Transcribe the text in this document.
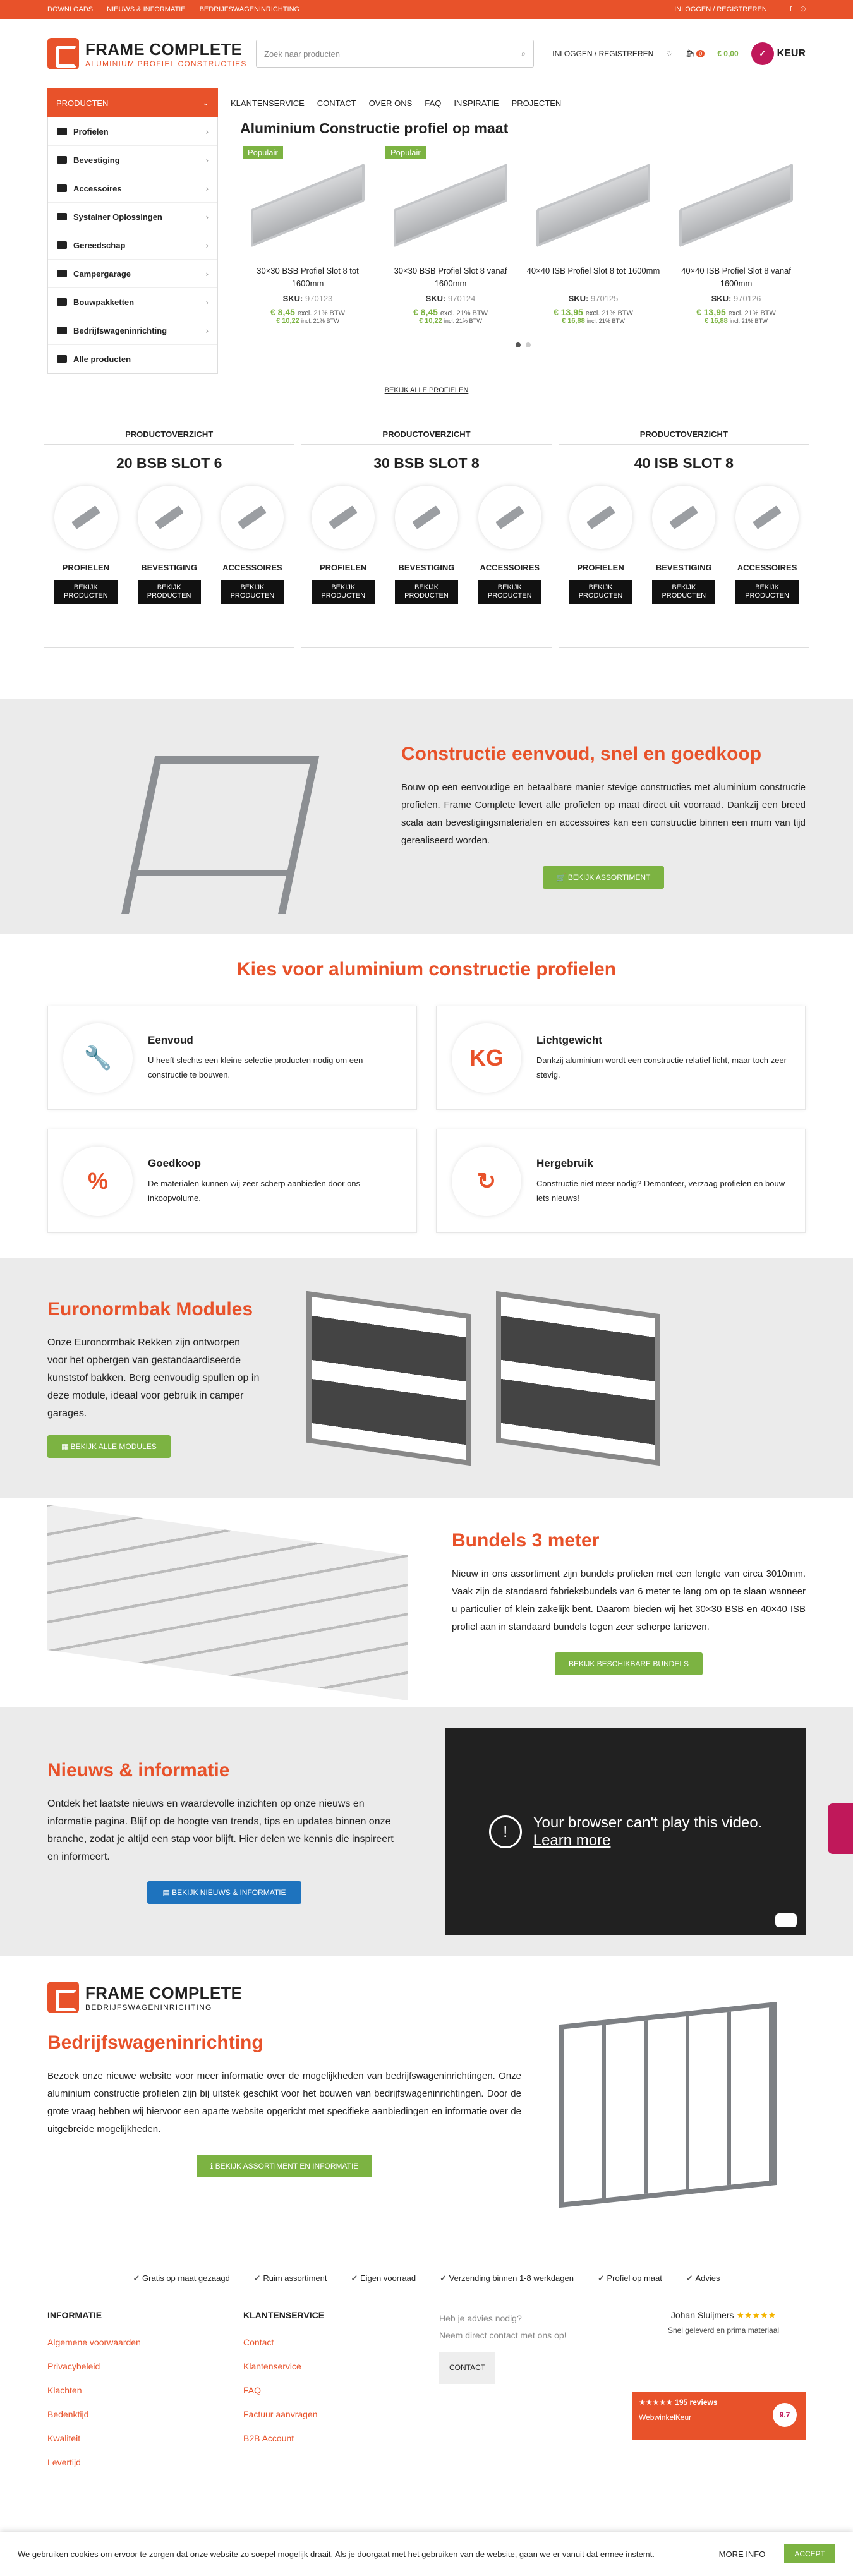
DOWNLOADS NIEUWS & INFORMATIE BEDRIJFSWAGENINRICHTING	INLOGGEN / REGISTREREN	f ℗
FRAME COMPLETE
ALUMINIUM PROFIEL CONSTRUCTIES
Zoek naar producten	⌕	INLOGGEN / REGISTREREN ♡ 🛍 0	€ 0,00	✓	KEUR
PRODUCTEN	⌄	KLANTENSERVICE CONTACT OVER ONS FAQ INSPIRATIE PROJECTEN
Profielen	›
Bevestiging	›
Accessoires	›
Systainer Oplossingen	›
Gereedschap	›
Campergarage	›
Bouwpakketten	›
Bedrijfswageninrichting	›
Alle producten
Aluminium Constructie profiel op maat
Populair
30×30 BSB Profiel Slot 8 tot 1600mm
SKU: 970123
€ 8,45 excl. 21% BTW
€ 10,22 incl. 21% BTW
Populair
30×30 BSB Profiel Slot 8 vanaf 1600mm
SKU: 970124
€ 8,45 excl. 21% BTW
€ 10,22 incl. 21% BTW
40×40 ISB Profiel Slot 8 tot 1600mm
SKU: 970125
€ 13,95 excl. 21% BTW
€ 16,88 incl. 21% BTW
40×40 ISB Profiel Slot 8 vanaf 1600mm
SKU: 970126
€ 13,95 excl. 21% BTW
€ 16,88 incl. 21% BTW
BEKIJK ALLE PROFIELEN
PRODUCTOVERZICHT
20 BSB SLOT 6
PROFIELEN
BEKIJK PRODUCTEN
BEVESTIGING
BEKIJK PRODUCTEN
ACCESSOIRES
BEKIJK PRODUCTEN
PRODUCTOVERZICHT
30 BSB SLOT 8
PROFIELEN
BEKIJK PRODUCTEN
BEVESTIGING
BEKIJK PRODUCTEN
ACCESSOIRES
BEKIJK PRODUCTEN
PRODUCTOVERZICHT
40 ISB SLOT 8
PROFIELEN
BEKIJK PRODUCTEN
BEVESTIGING
BEKIJK PRODUCTEN
ACCESSOIRES
BEKIJK PRODUCTEN
Constructie eenvoud, snel en goedkoop

Bouw op een eenvoudige en betaalbare manier stevige constructies met aluminium constructie profielen. Frame Complete levert alle profielen op maat direct uit voorraad. Dankzij een breed scala aan bevestigingsmaterialen en accessoires kan een constructie binnen een mum van tijd gerealiseerd worden.

🛒 BEKIJK ASSORTIMENT
Kies voor aluminium constructie profielen
🔧
Eenvoud

U heeft slechts een kleine selectie producten nodig om een constructie te bouwen.

KG
Lichtgewicht

Dankzij aluminium wordt een constructie relatief licht, maar toch zeer stevig.

%
Goedkoop

De materialen kunnen wij zeer scherp aanbieden door ons inkoopvolume.

↻
Hergebruik

Constructie niet meer nodig? Demonteer, verzaag profielen en bouw iets nieuws!

Euronormbak Modules

Onze Euronormbak Rekken zijn ontworpen voor het opbergen van gestandaardiseerde kunststof bakken. Berg eenvoudig spullen op in deze module, ideaal voor gebruik in camper garages.

▦ BEKIJK ALLE MODULES
Bundels 3 meter

Nieuw in ons assortiment zijn bundels profielen met een lengte van circa 3010mm. Vaak zijn de standaard fabrieksbundels van 6 meter te lang om op te slaan wanneer u particulier of klein zakelijk bent. Daarom bieden wij het 30×30 BSB en 40×40 ISB profiel aan in standaard bundels tegen zeer scherpe tarieven.

BEKIJK BESCHIKBARE BUNDELS
Nieuws & informatie

Ontdek het laatste nieuws en waardevolle inzichten op onze nieuws en informatie pagina. Blijf op de hoogte van trends, tips en updates binnen onze branche, zodat je altijd een stap voor blijft. Hier delen we kennis die inspireert en informeert.

▤ BEKIJK NIEUWS & INFORMATIE
!	Your browser can't play this video.
Learn more
FRAME COMPLETE
BEDRIJFSWAGENINRICHTING
Bedrijfswageninrichting

Bezoek onze nieuwe website voor meer informatie over de mogelijkheden van bedrijfswageninrichtingen. Onze aluminium constructie profielen zijn bij uitstek geschikt voor het bouwen van bedrijfswageninrichtingen. Door de grote vraag hebben wij hiervoor een aparte website opgericht met specifieke aanbiedingen en informatie over de uitgebreide mogelijkheden.

ℹ BEKIJK ASSORTIMENT EN INFORMATIE
✓ Gratis op maat gezaagd	✓ Ruim assortiment	✓ Eigen voorraad	✓ Verzending binnen 1-8 werkdagen	✓ Profiel op maat	✓ Advies
INFORMATIE
Algemene voorwaarden
Privacybeleid
Klachten
Bedenktijd
Kwaliteit
Levertijd
KLANTENSERVICE
Contact
Klantenservice
FAQ
Factuur aanvragen
B2B Account
Heb je advies nodig?
Neem direct contact met ons op!
CONTACT
Johan Sluijmers ★★★★★
Snel geleverd en prima materiaal
★★★★★ 195 reviews
WebwinkelKeur	9.7

We gebruiken cookies om ervoor te zorgen dat onze website zo soepel mogelijk draait. Als je doorgaat met het gebruiken van de website, gaan we er vanuit dat ermee instemt.	MORE INFO	ACCEPT
